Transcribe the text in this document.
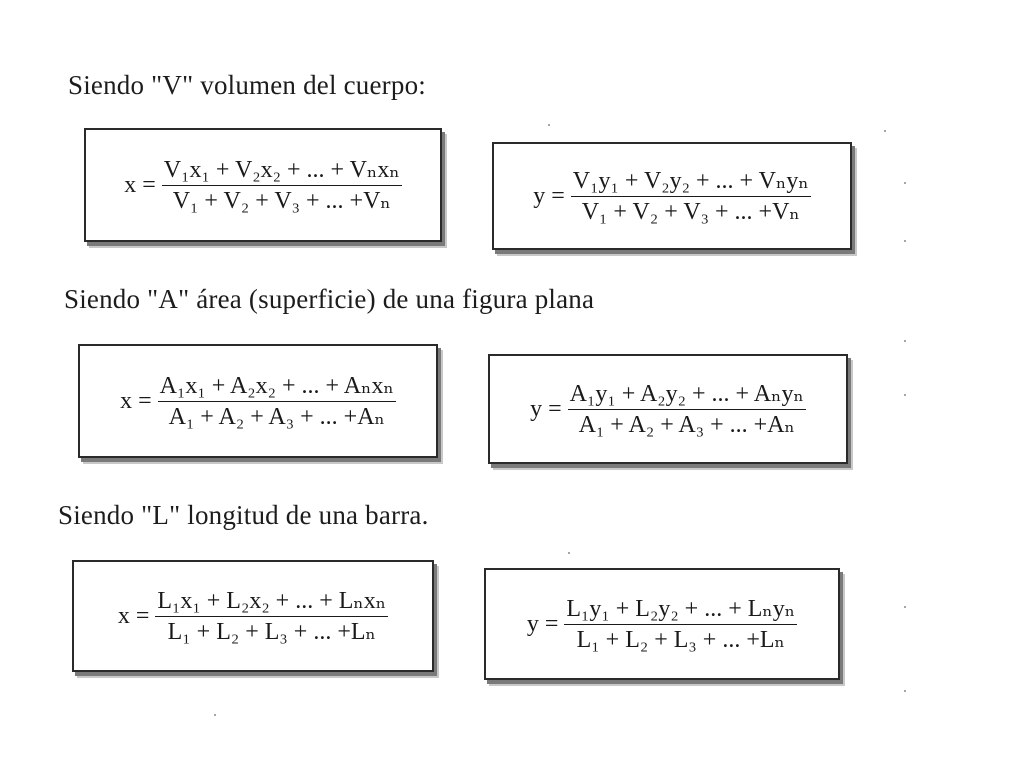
Siendo "V" volumen del cuerpo:
$x = \frac{\text{V₁x₁ + V₂x₂ + ... + Vₙxₙ}}{\text{V₁ + V₂ + V₃ + ... +Vₙ}}$	$y = \frac{\text{V₁y₁ + V₂y₂ + ... + Vₙyₙ}}{\text{V₁ + V₂ + V₃ + ... +Vₙ}}$
Siendo "A" área (superficie) de una figura plana
$x = \frac{\text{A₁x₁ + A₂x₂ + ... + Aₙxₙ}}{\text{A₁ + A₂ + A₃ + ... +Aₙ}}$	$y = \frac{\text{A₁y₁ + A₂y₂ + ... + Aₙyₙ}}{\text{A₁ + A₂ + A₃ + ... +Aₙ}}$
Siendo "L" longitud de una barra.
$x = \frac{\text{L₁x₁ + L₂x₂ + ... + Lₙxₙ}}{\text{L₁ + L₂ + L₃ + ... +Lₙ}}$	$y = \frac{\text{L₁y₁ + L₂y₂ + ... + Lₙyₙ}}{\text{L₁ + L₂ + L₃ + ... +Lₙ}}$
